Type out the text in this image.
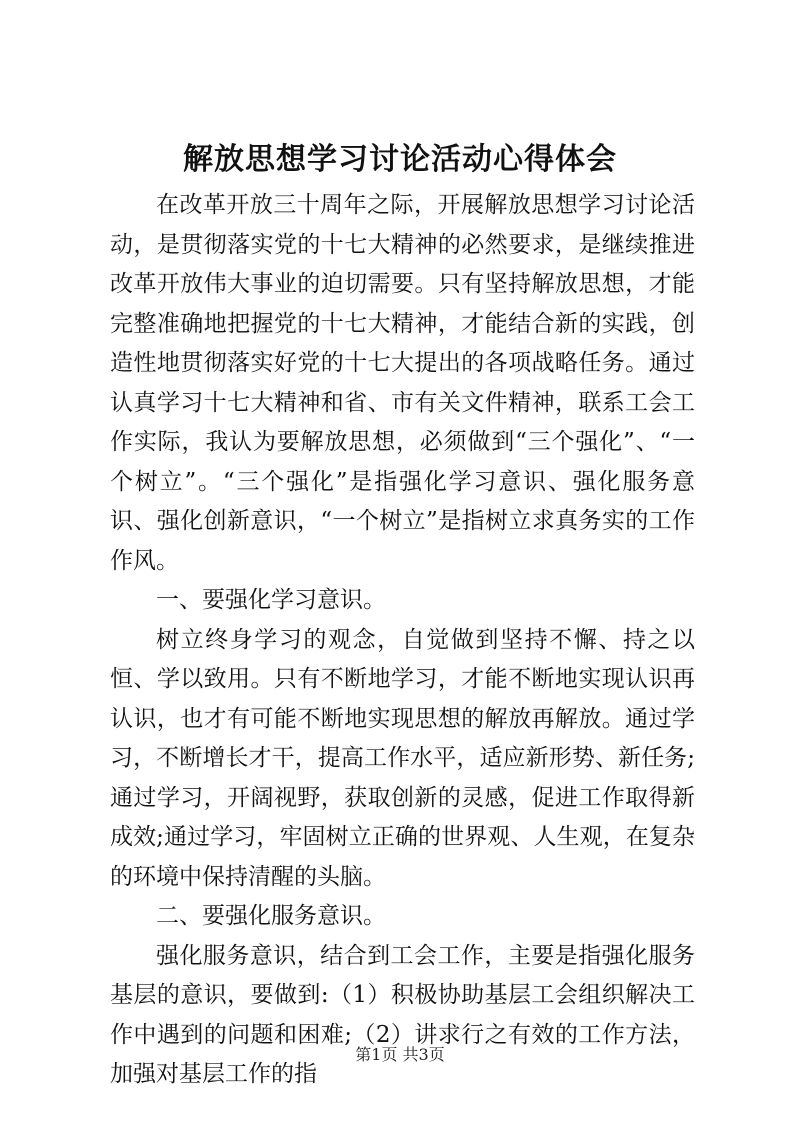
解放思想学习讨论活动心得体会

在改革开放三十周年之际，开展解放思想学习讨论活动，是贯彻落实党的十七大精神的必然要求，是继续推进改革开放伟大事业的迫切需要。只有坚持解放思想，才能完整准确地把握党的十七大精神，才能结合新的实践，创造性地贯彻落实好党的十七大提出的各项战略任务。通过认真学习十七大精神和省、市有关文件精神，联系工会工作实际，我认为要解放思想，必须做到“三个强化”、“一个树立”。“三个强化”是指强化学习意识、强化服务意识、强化创新意识，“一个树立”是指树立求真务实的工作作风。

一、要强化学习意识。

树立终身学习的观念，自觉做到坚持不懈、持之以恒、学以致用。只有不断地学习，才能不断地实现认识再认识，也才有可能不断地实现思想的解放再解放。通过学习，不断增长才干，提高工作水平，适应新形势、新任务;通过学习，开阔视野，获取创新的灵感，促进工作取得新成效;通过学习，牢固树立正确的世界观、人生观，在复杂的环境中保持清醒的头脑。

二、要强化服务意识。

强化服务意识，结合到工会工作，主要是指强化服务基层的意识，要做到:（1）积极协助基层工会组织解决工作中遇到的问题和困难;（2）讲求行之有效的工作方法，加强对基层工作的指

第1页 共3页
